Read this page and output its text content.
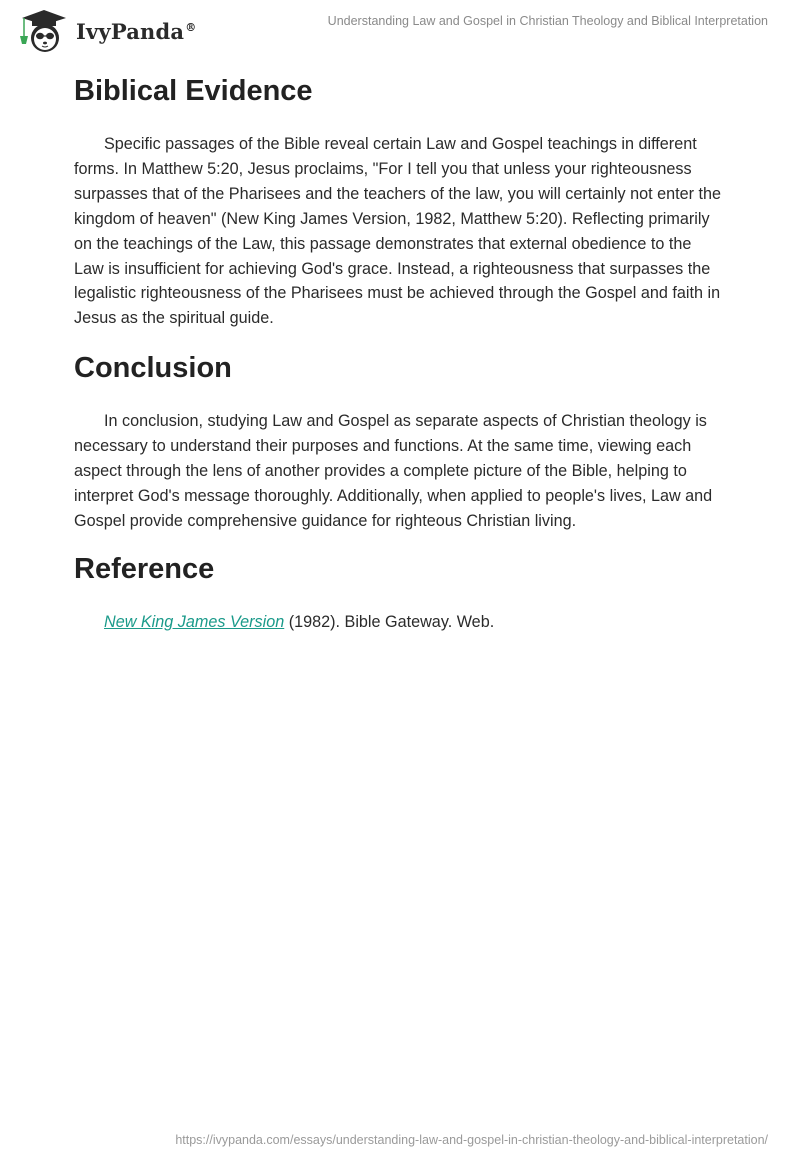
IvyPanda®	Understanding Law and Gospel in Christian Theology and Biblical Interpretation
Biblical Evidence

Specific passages of the Bible reveal certain Law and Gospel teachings in different forms. In Matthew 5:20, Jesus proclaims, "For I tell you that unless your righteousness surpasses that of the Pharisees and the teachers of the law, you will certainly not enter the kingdom of heaven" (New King James Version, 1982, Matthew 5:20). Reflecting primarily on the teachings of the Law, this passage demonstrates that external obedience to the Law is insufficient for achieving God's grace. Instead, a righteousness that surpasses the legalistic righteousness of the Pharisees must be achieved through the Gospel and faith in Jesus as the spiritual guide.

Conclusion

In conclusion, studying Law and Gospel as separate aspects of Christian theology is necessary to understand their purposes and functions. At the same time, viewing each aspect through the lens of another provides a complete picture of the Bible, helping to interpret God's message thoroughly. Additionally, when applied to people's lives, Law and Gospel provide comprehensive guidance for righteous Christian living.

Reference

New King James Version (1982). Bible Gateway. Web.

https://ivypanda.com/essays/understanding-law-and-gospel-in-christian-theology-and-biblical-interpretation/
